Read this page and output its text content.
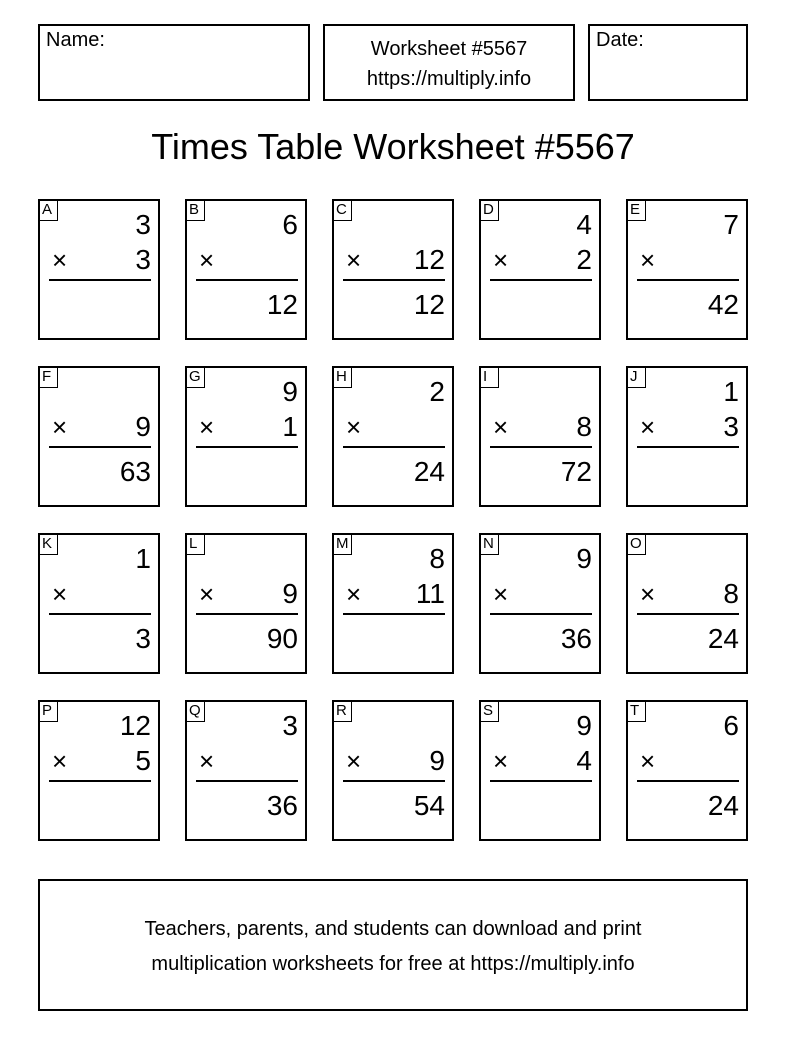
Name:	Worksheet #5567
https://multiply.info
Date:
Times Table Worksheet #5567
A	3
× 3
B	6
×
12
C
× 12
12
D	4
× 2
E	7
×
42
F
× 9
63
G	9
× 1
H	2
×
24
I
× 8
72
J	1
× 3
K	1
×
3
L
× 9
90
M	8
× 11
N	9
×
36
O
× 8
24
P 12
× 5
Q	3
×
36
R
× 9
54
S	9
× 4
T	6
×
24
Teachers, parents, and students can download and print
multiplication worksheets for free at https://multiply.info
